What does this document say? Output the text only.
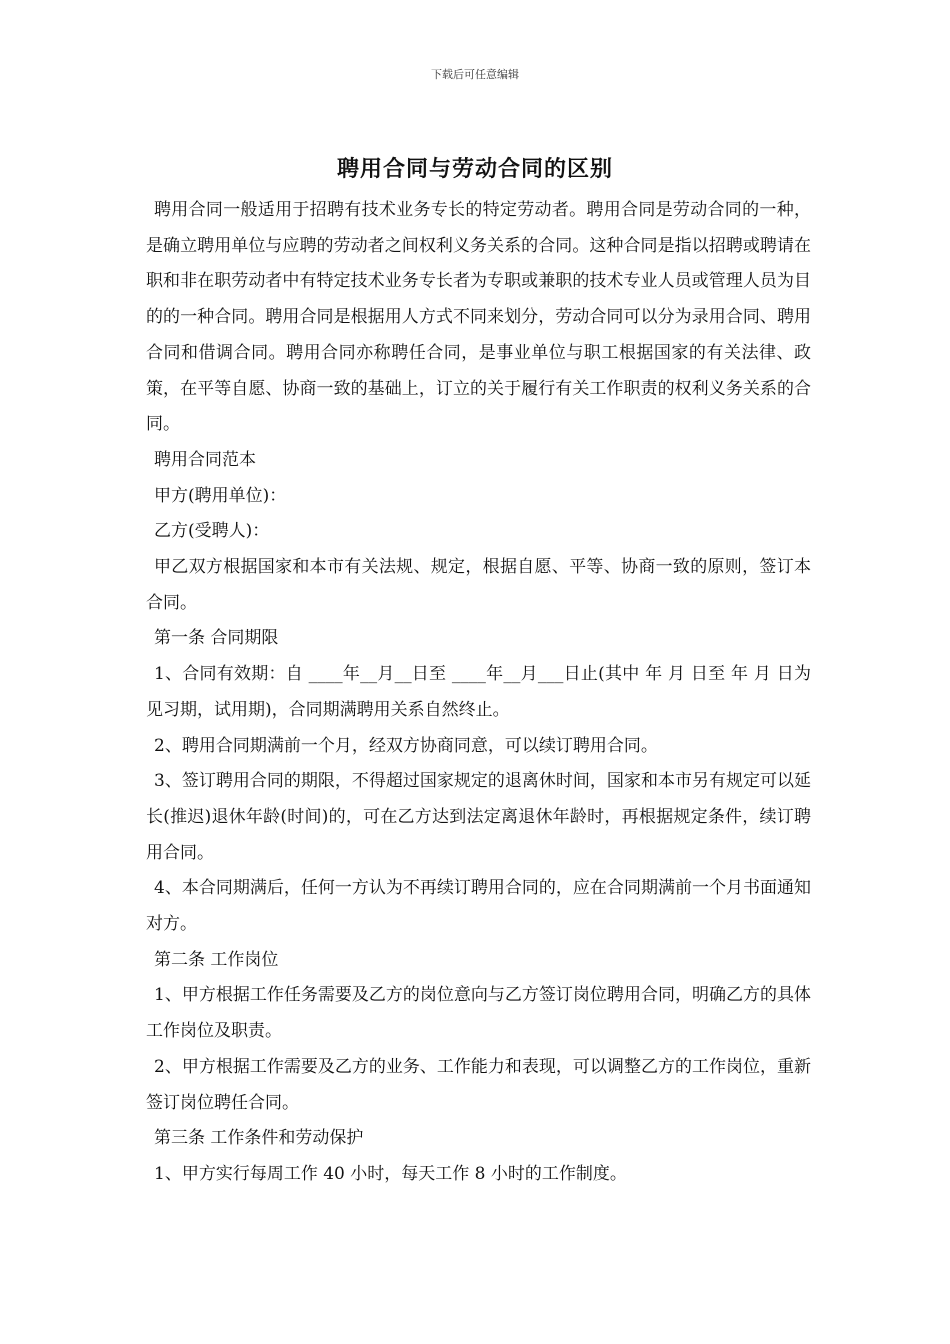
下载后可任意编辑
聘用合同与劳动合同的区别

聘用合同一般适用于招聘有技术业务专长的特定劳动者。聘用合同是劳动合同的一种，是确立聘用单位与应聘的劳动者之间权利义务关系的合同。这种合同是指以招聘或聘请在职和非在职劳动者中有特定技术业务专长者为专职或兼职的技术专业人员或管理人员为目的的一种合同。聘用合同是根据用人方式不同来划分，劳动合同可以分为录用合同、聘用合同和借调合同。聘用合同亦称聘任合同，是事业单位与职工根据国家的有关法律、政策，在平等自愿、协商一致的基础上，订立的关于履行有关工作职责的权利义务关系的合同。

聘用合同范本

甲方(聘用单位)：

乙方(受聘人)：

甲乙双方根据国家和本市有关法规、规定，根据自愿、平等、协商一致的原则，签订本合同。

第一条 合同期限

1、合同有效期：自 ____年__月__日至 ____年__月___日止(其中 年 月 日至 年 月 日为见习期，试用期)，合同期满聘用关系自然终止。

2、聘用合同期满前一个月，经双方协商同意，可以续订聘用合同。

3、签订聘用合同的期限，不得超过国家规定的退离休时间，国家和本市另有规定可以延长(推迟)退休年龄(时间)的，可在乙方达到法定离退休年龄时，再根据规定条件，续订聘用合同。

4、本合同期满后，任何一方认为不再续订聘用合同的，应在合同期满前一个月书面通知对方。

第二条 工作岗位

1、甲方根据工作任务需要及乙方的岗位意向与乙方签订岗位聘用合同，明确乙方的具体工作岗位及职责。

2、甲方根据工作需要及乙方的业务、工作能力和表现，可以调整乙方的工作岗位，重新签订岗位聘任合同。

第三条 工作条件和劳动保护

1、甲方实行每周工作 40 小时，每天工作 8 小时的工作制度。
